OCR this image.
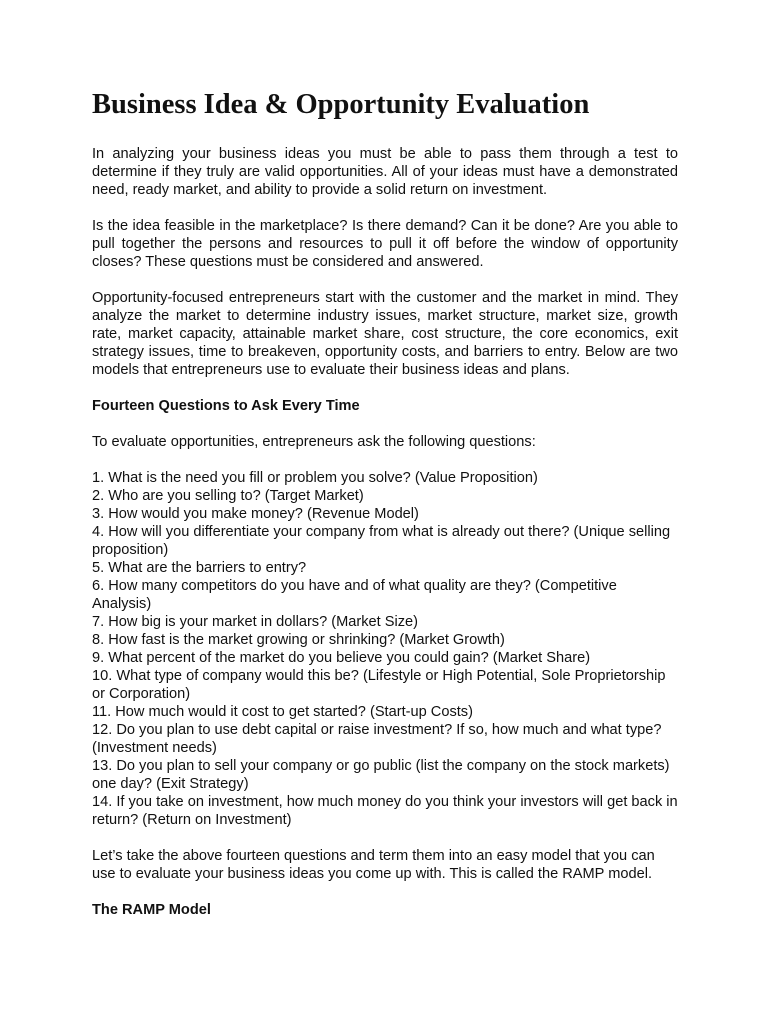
Business Idea & Opportunity Evaluation

In analyzing your business ideas you must be able to pass them through a test to determine if they truly are valid opportunities. All of your ideas must have a demonstrated need, ready market, and ability to provide a solid return on investment.

Is the idea feasible in the marketplace? Is there demand? Can it be done? Are you able to pull together the persons and resources to pull it off before the window of opportunity closes? These questions must be considered and answered.

Opportunity-focused entrepreneurs start with the customer and the market in mind. They analyze the market to determine industry issues, market structure, market size, growth rate, market capacity, attainable market share, cost structure, the core economics, exit strategy issues, time to breakeven, opportunity costs, and barriers to entry. Below are two models that entrepreneurs use to evaluate their business ideas and plans.

Fourteen Questions to Ask Every Time

To evaluate opportunities, entrepreneurs ask the following questions:

1. What is the need you fill or problem you solve? (Value Proposition)
2. Who are you selling to? (Target Market)
3. How would you make money? (Revenue Model)
4. How will you differentiate your company from what is already out there? (Unique selling proposition)
5. What are the barriers to entry?
6. How many competitors do you have and of what quality are they? (Competitive Analysis)
7. How big is your market in dollars? (Market Size)
8. How fast is the market growing or shrinking? (Market Growth)
9. What percent of the market do you believe you could gain? (Market Share)
10. What type of company would this be? (Lifestyle or High Potential, Sole Proprietorship or Corporation)
11. How much would it cost to get started? (Start-up Costs)
12. Do you plan to use debt capital or raise investment? If so, how much and what type? (Investment needs)
13. Do you plan to sell your company or go public (list the company on the stock markets) one day? (Exit Strategy)
14. If you take on investment, how much money do you think your investors will get back in return? (Return on Investment)

Let’s take the above fourteen questions and term them into an easy model that you can use to evaluate your business ideas you come up with. This is called the RAMP model.

The RAMP Model
